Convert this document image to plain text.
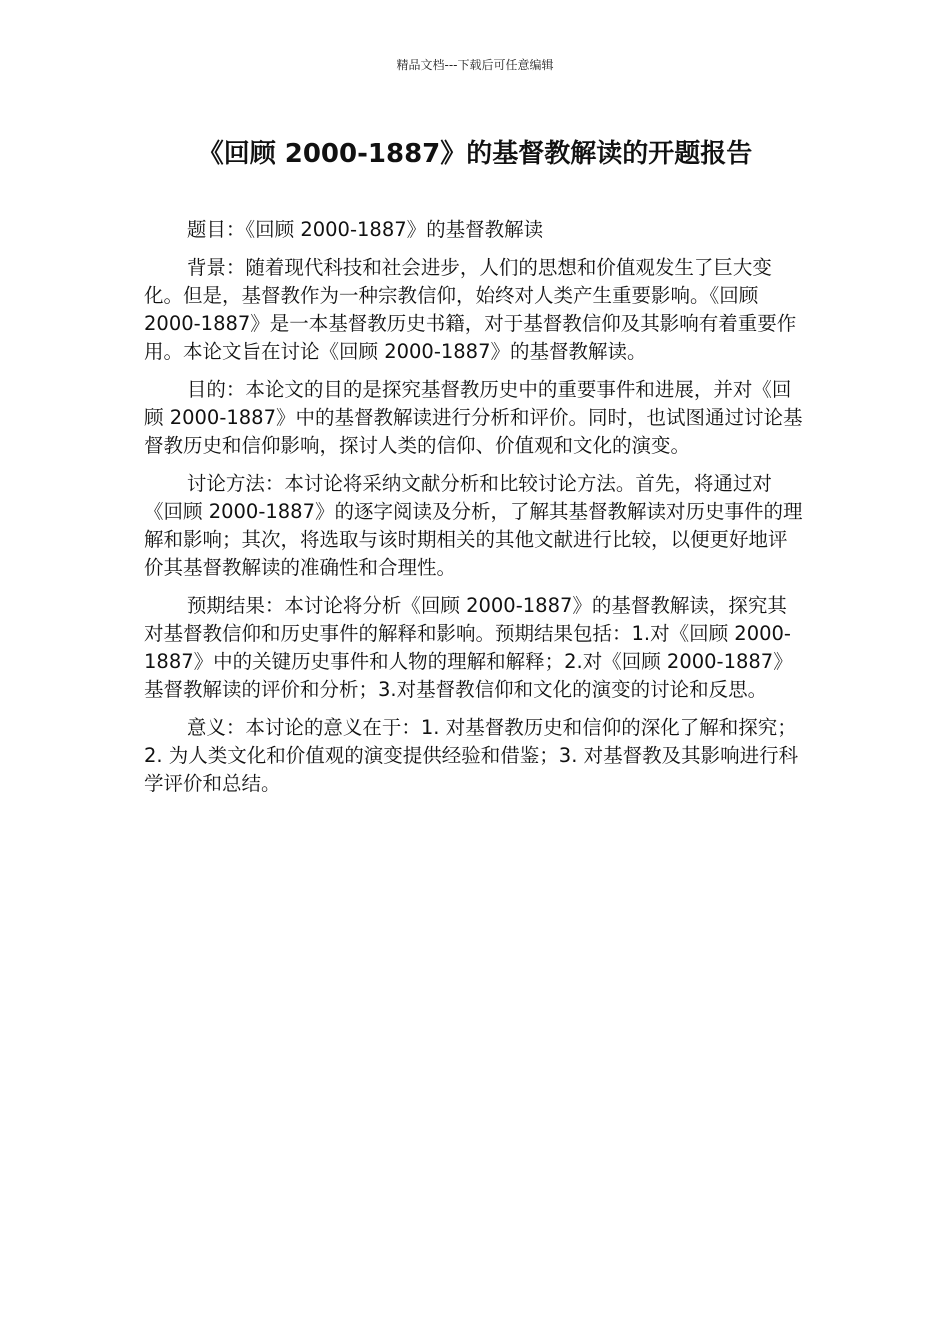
精品文档---下载后可任意编辑
《回顾 2000-1887》的基督教解读的开题报告

题目：《回顾 2000-1887》的基督教解读

背景：随着现代科技和社会进步，人们的思想和价值观发生了巨大变化。但是，基督教作为一种宗教信仰，始终对人类产生重要影响。《回顾 2000-1887》是一本基督教历史书籍，对于基督教信仰及其影响有着重要作用。本论文旨在讨论《回顾 2000-1887》的基督教解读。

目的：本论文的目的是探究基督教历史中的重要事件和进展，并对《回顾 2000-1887》中的基督教解读进行分析和评价。同时，也试图通过讨论基督教历史和信仰影响，探讨人类的信仰、价值观和文化的演变。

讨论方法：本讨论将采纳文献分析和比较讨论方法。首先，将通过对《回顾 2000-1887》的逐字阅读及分析，了解其基督教解读对历史事件的理解和影响；其次，将选取与该时期相关的其他文献进行比较，以便更好地评价其基督教解读的准确性和合理性。

预期结果：本讨论将分析《回顾 2000-1887》的基督教解读，探究其对基督教信仰和历史事件的解释和影响。预期结果包括：1.对《回顾 2000-1887》中的关键历史事件和人物的理解和解释；2.对《回顾 2000-1887》基督教解读的评价和分析；3.对基督教信仰和文化的演变的讨论和反思。

意义：本讨论的意义在于：1. 对基督教历史和信仰的深化了解和探究；2. 为人类文化和价值观的演变提供经验和借鉴；3. 对基督教及其影响进行科学评价和总结。
